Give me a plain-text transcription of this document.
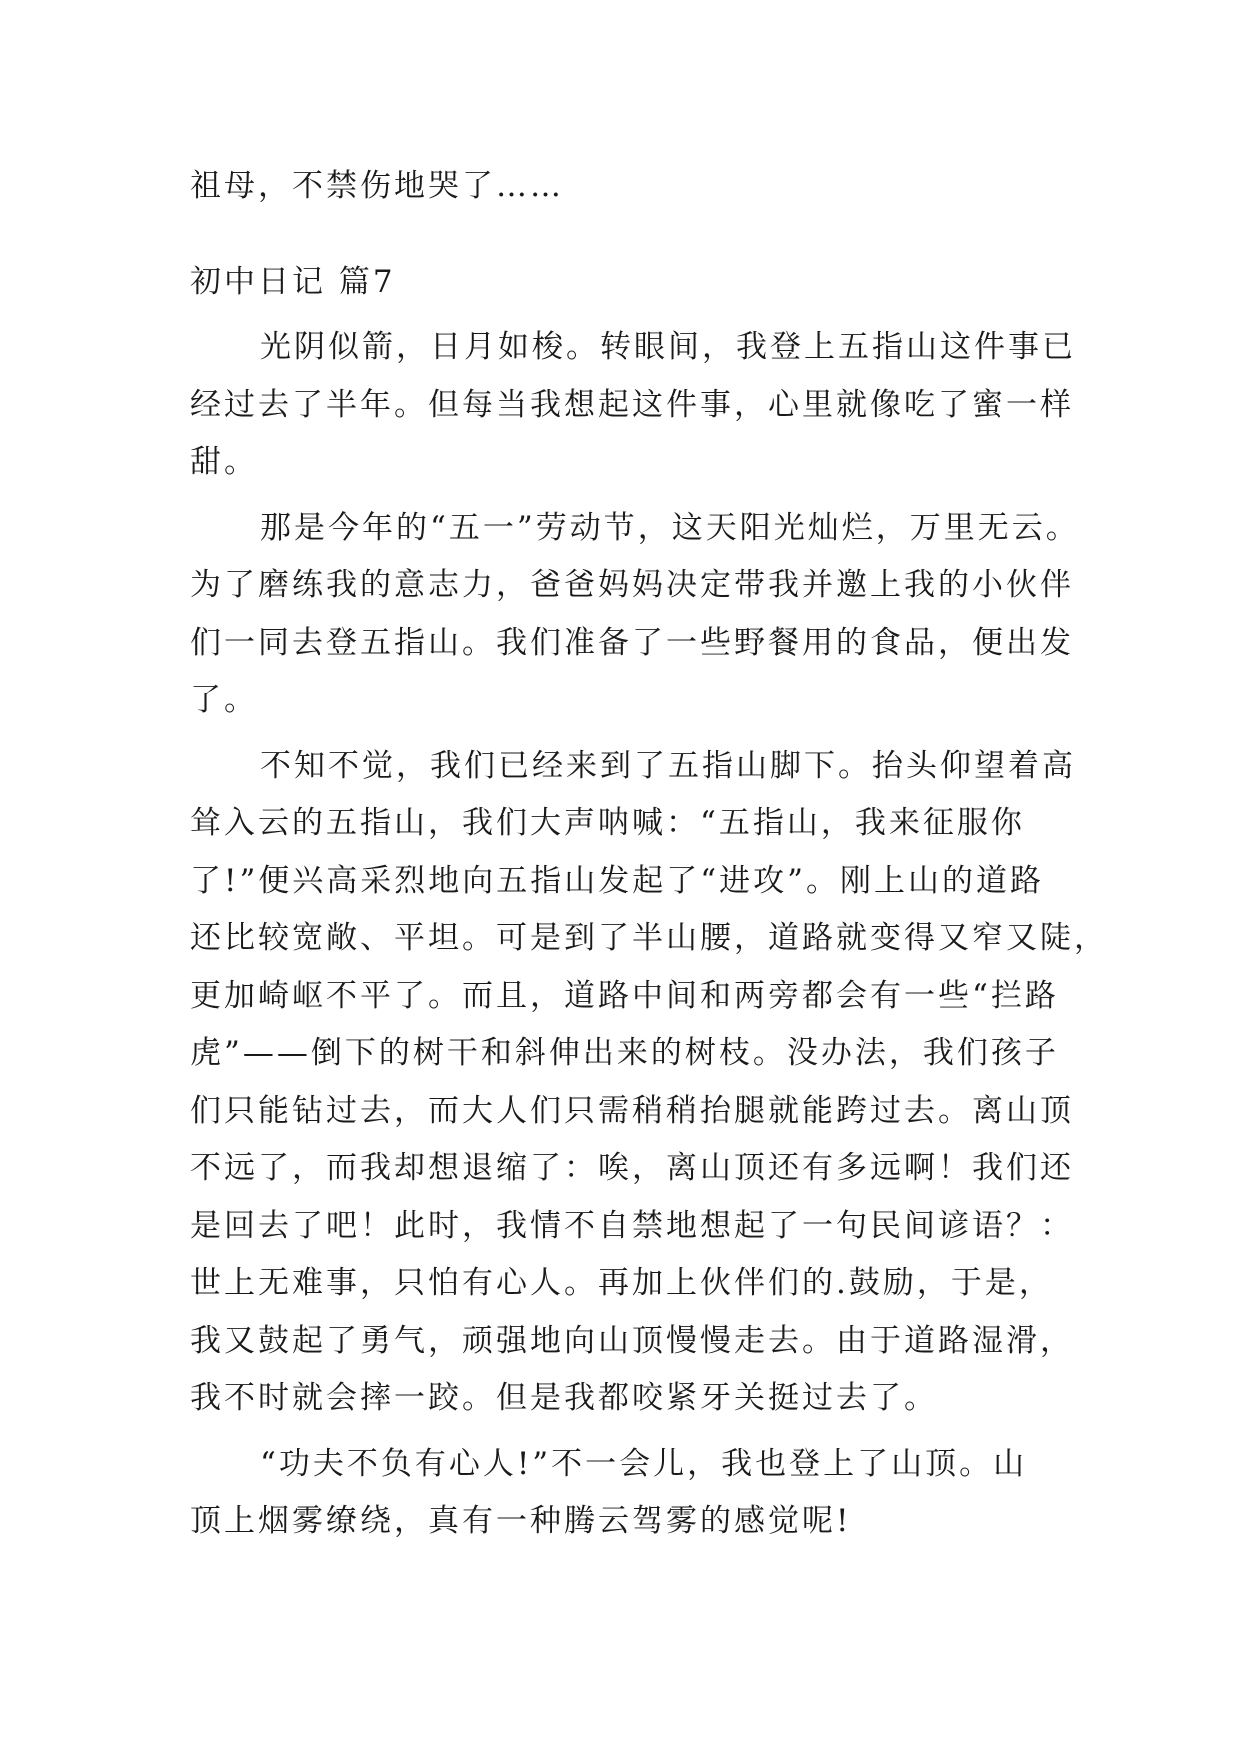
祖母，不禁伤地哭了……
初中日记 篇7
光阴似箭，日月如梭。转眼间，我登上五指山这件事已
经过去了半年。但每当我想起这件事，心里就像吃了蜜一样
甜。
那是今年的“五一”劳动节，这天阳光灿烂，万里无云。
为了磨练我的意志力，爸爸妈妈决定带我并邀上我的小伙伴
们一同去登五指山。我们准备了一些野餐用的食品，便出发
了。
不知不觉，我们已经来到了五指山脚下。抬头仰望着高
耸入云的五指山，我们大声呐喊：“五指山，我来征服你
了!”便兴高采烈地向五指山发起了“进攻”。刚上山的道路
还比较宽敞、平坦。可是到了半山腰，道路就变得又窄又陡，
更加崎岖不平了。而且，道路中间和两旁都会有一些“拦路
虎”——倒下的树干和斜伸出来的树枝。没办法，我们孩子
们只能钻过去，而大人们只需稍稍抬腿就能跨过去。离山顶
不远了，而我却想退缩了：唉，离山顶还有多远啊！我们还
是回去了吧！此时，我情不自禁地想起了一句民间谚语？：
世上无难事，只怕有心人。再加上伙伴们的.鼓励，于是，
我又鼓起了勇气，顽强地向山顶慢慢走去。由于道路湿滑，
我不时就会摔一跤。但是我都咬紧牙关挺过去了。
“功夫不负有心人!”不一会儿，我也登上了山顶。山
顶上烟雾缭绕，真有一种腾云驾雾的感觉呢!
